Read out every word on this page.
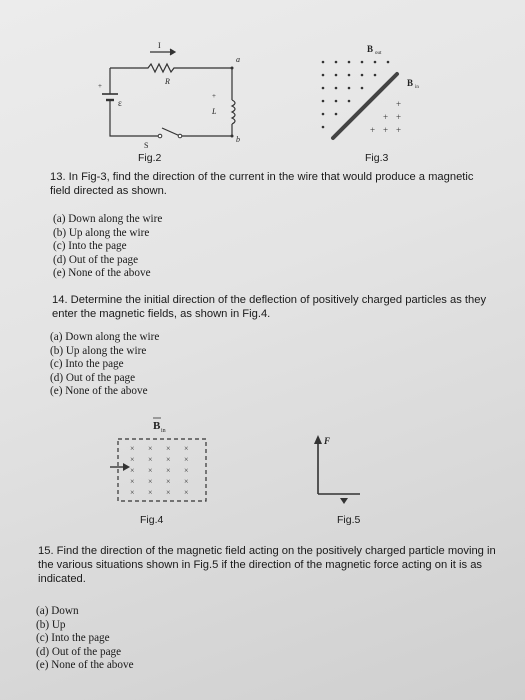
I
R
+
ε
+
L
a
b
S
Fig.2
+
+ +
+ + +
B out
B in
Fig.3
13. In Fig-3, find the direction of the current in the wire that would produce a magnetic field directed as shown.
(a) Down along the wire
(b) Up along the wire
(c) Into the page
(d) Out of the page
(e) None of the above
14. Determine the initial direction of the deflection of positively charged particles as they enter the magnetic fields, as shown in Fig.4.
(a) Down along the wire
(b) Up along the wire
(c) Into the page
(d) Out of the page
(e) None of the above
× × × ×
× × × ×
× × × ×
× × × ×
× × × ×
B in
Fig.4
F
Fig.5
15. Find the direction of the magnetic field acting on the positively charged particle moving in the various situations shown in Fig.5 if the direction of the magnetic force acting on it is as indicated.
(a) Down
(b) Up
(c) Into the page
(d) Out of the page
(e) None of the above
